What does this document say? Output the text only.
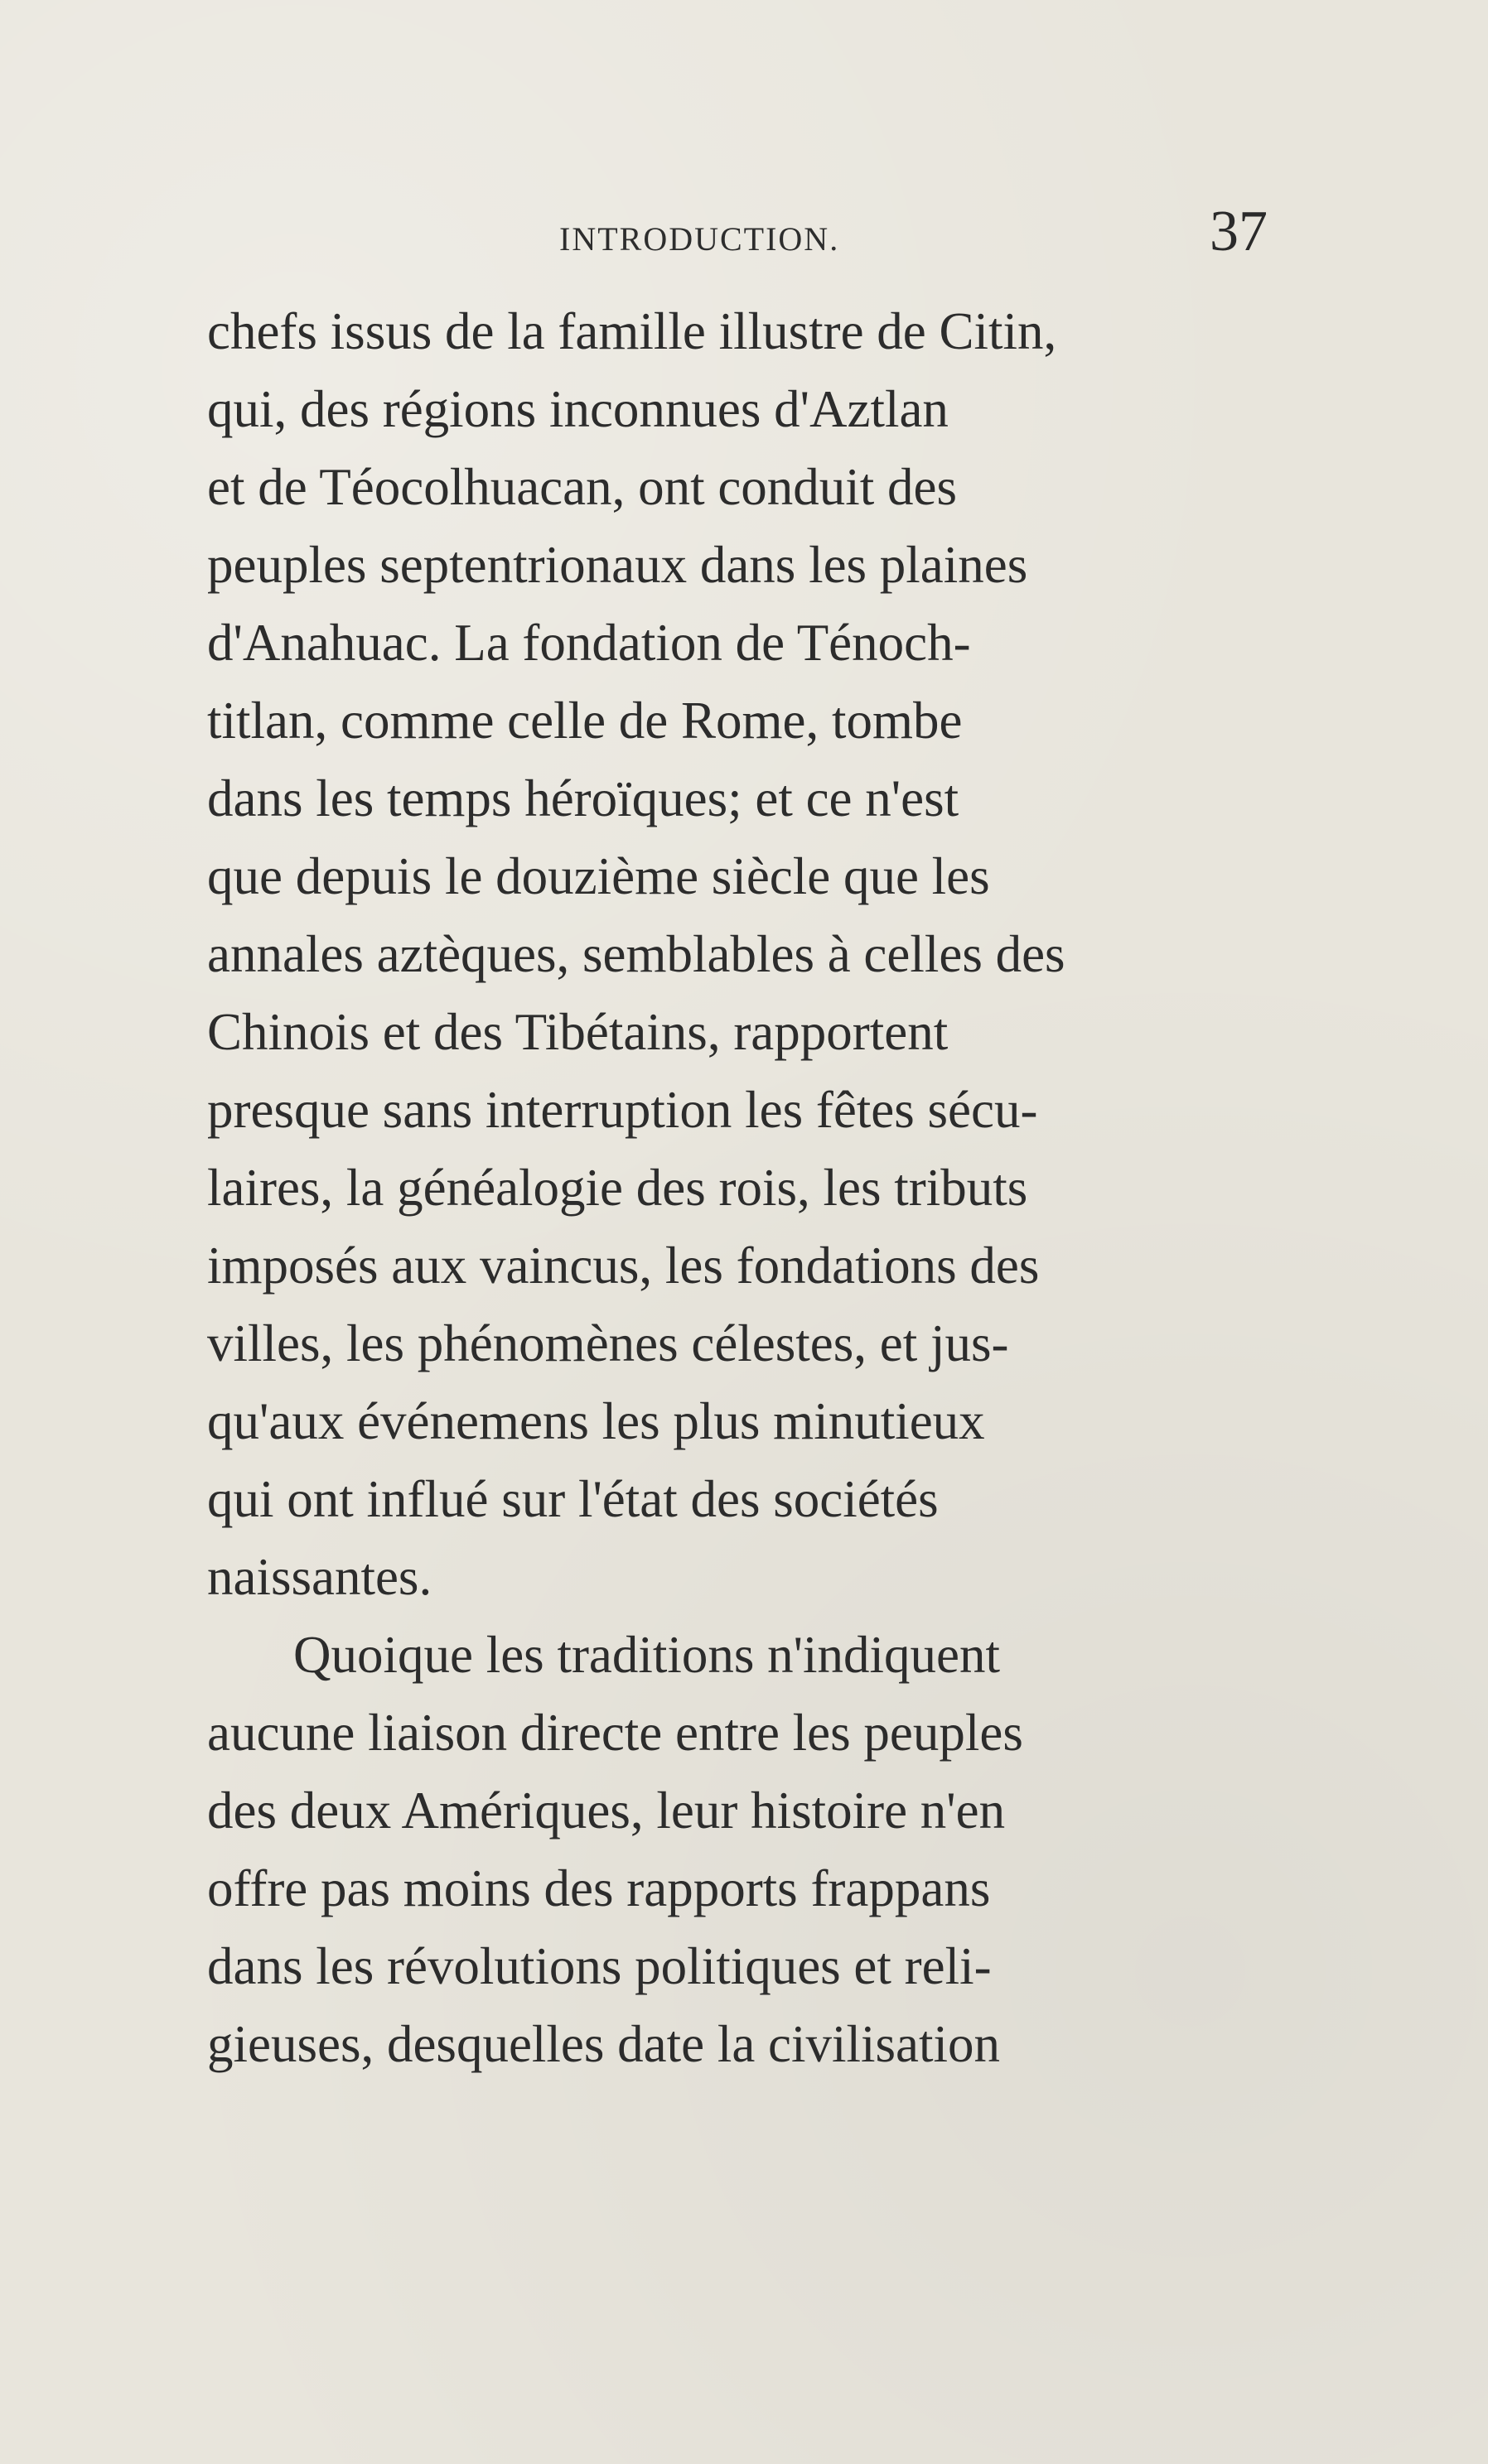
INTRODUCTION.	37
chefs issus de la famille illustre de Citin,
qui, des régions inconnues d'Aztlan
et de Téocolhuacan, ont conduit des
peuples septentrionaux dans les plaines
d'Anahuac. La fondation de Ténoch-
titlan, comme celle de Rome, tombe
dans les temps héroïques; et ce n'est
que depuis le douzième siècle que les
annales aztèques, semblables à celles des
Chinois et des Tibétains, rapportent
presque sans interruption les fêtes sécu-
laires, la généalogie des rois, les tributs
imposés aux vaincus, les fondations des
villes, les phénomènes célestes, et jus-
qu'aux événemens les plus minutieux
qui ont influé sur l'état des sociétés
naissantes.
Quoique les traditions n'indiquent
aucune liaison directe entre les peuples
des deux Amériques, leur histoire n'en
offre pas moins des rapports frappans
dans les révolutions politiques et reli-
gieuses, desquelles date la civilisation
